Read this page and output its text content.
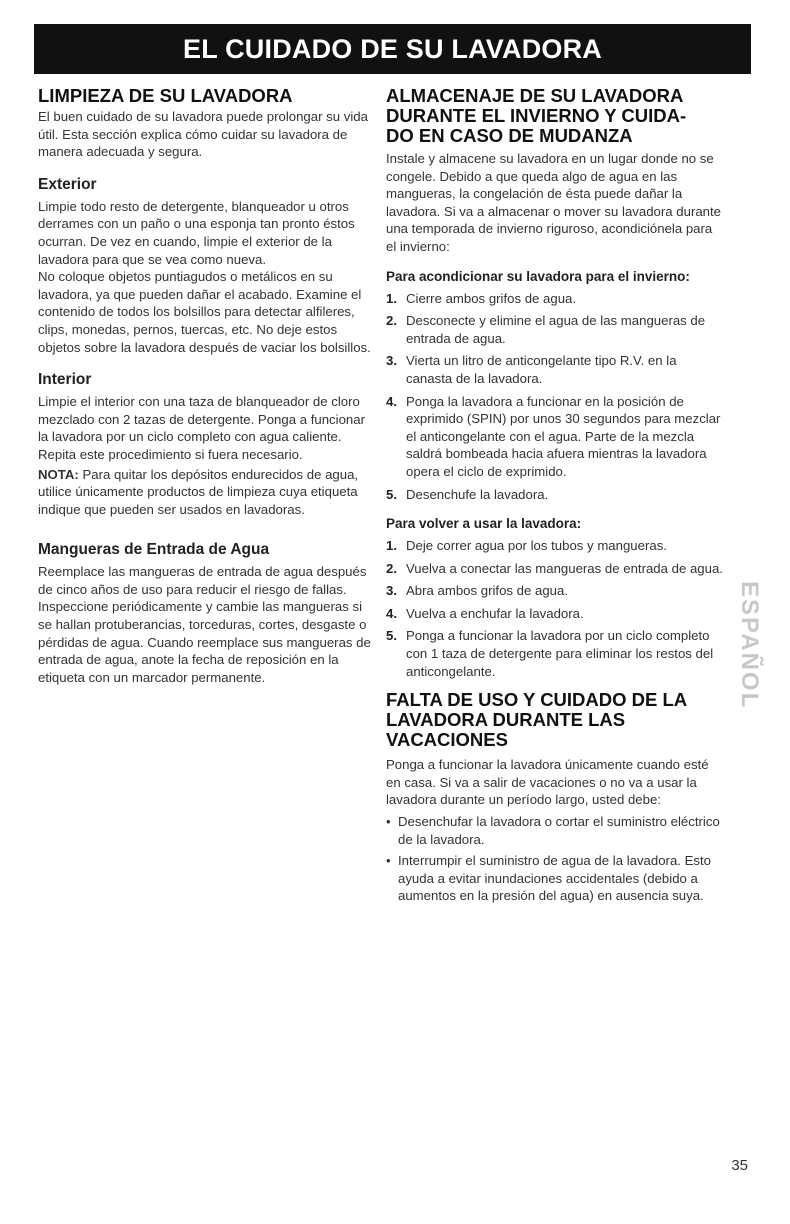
EL CUIDADO DE SU LAVADORA
LIMPIEZA DE SU LAVADORA

El buen cuidado de su lavadora puede prolongar su vida útil. Esta sección explica cómo cuidar su lavadora de manera adecuada y segura.

Exterior

Limpie todo resto de detergente, blanqueador u otros derrames con un paño o una esponja tan pronto éstos ocurran. De vez en cuando, limpie el exterior de la lavadora para que se vea como nueva.

No coloque objetos puntiagudos o metálicos en su lavadora, ya que pueden dañar el acabado. Examine el contenido de todos los bolsillos para detectar alfileres, clips, monedas, pernos, tuercas, etc. No deje estos objetos sobre la lavadora después de vaciar los bolsillos.

Interior

Limpie el interior con una taza de blanqueador de cloro mezclado con 2 tazas de detergente. Ponga a funcionar la lavadora por un ciclo completo con agua caliente. Repita este procedimiento si fuera necesario.

NOTA: Para quitar los depósitos endurecidos de agua, utilice únicamente productos de limpieza cuya etiqueta indique que pueden ser usados en lavadoras.

Mangueras de Entrada de Agua

Reemplace las mangueras de entrada de agua después de cinco años de uso para reducir el riesgo de fallas. Inspeccione periódicamente y cambie las mangueras si se hallan protuberancias, torceduras, cortes, desgaste o pérdidas de agua. Cuando reemplace sus mangueras de entrada de agua, anote la fecha de reposición en la etiqueta con un marcador permanente.

ALMACENAJE DE SU LAVADORA
DURANTE EL INVIERNO Y CUIDA-
DO EN CASO DE MUDANZA

Instale y almacene su lavadora en un lugar donde no se congele. Debido a que queda algo de agua en las mangueras, la congelación de ésta puede dañar la lavadora. Si va a almacenar o mover su lavadora durante una temporada de invierno riguroso, acondiciónela para el invierno:

Para acondicionar su lavadora para el invierno:
1. Cierre ambos grifos de agua.
2. Desconecte y elimine el agua de las mangueras de entrada de agua.
3. Vierta un litro de anticongelante tipo R.V. en la canasta de la lavadora.
4. Ponga la lavadora a funcionar en la posición de exprimido (SPIN) por unos 30 segundos para mezclar el anticongelante con el agua. Parte de la mezcla saldrá bombeada hacia afuera mientras la lavadora opera el ciclo de exprimido.
5. Desenchufe la lavadora.
Para volver a usar la lavadora:
1. Deje correr agua por los tubos y mangueras.
2. Vuelva a conectar las mangueras de entrada de agua.
3. Abra ambos grifos de agua.
4. Vuelva a enchufar la lavadora.
5. Ponga a funcionar la lavadora por un ciclo completo con 1 taza de detergente para eliminar los restos del anticongelante.
FALTA DE USO Y CUIDADO DE LA
LAVADORA DURANTE LAS
VACACIONES

Ponga a funcionar la lavadora únicamente cuando esté en casa. Si va a salir de vacaciones o no va a usar la lavadora durante un período largo, usted debe:

• Desenchufar la lavadora o cortar el suministro eléctrico de la lavadora.
• Interrumpir el suministro de agua de la lavadora. Esto ayuda a evitar inundaciones accidentales (debido a aumentos en la presión del agua) en ausencia suya.
ESPAÑOL
35
